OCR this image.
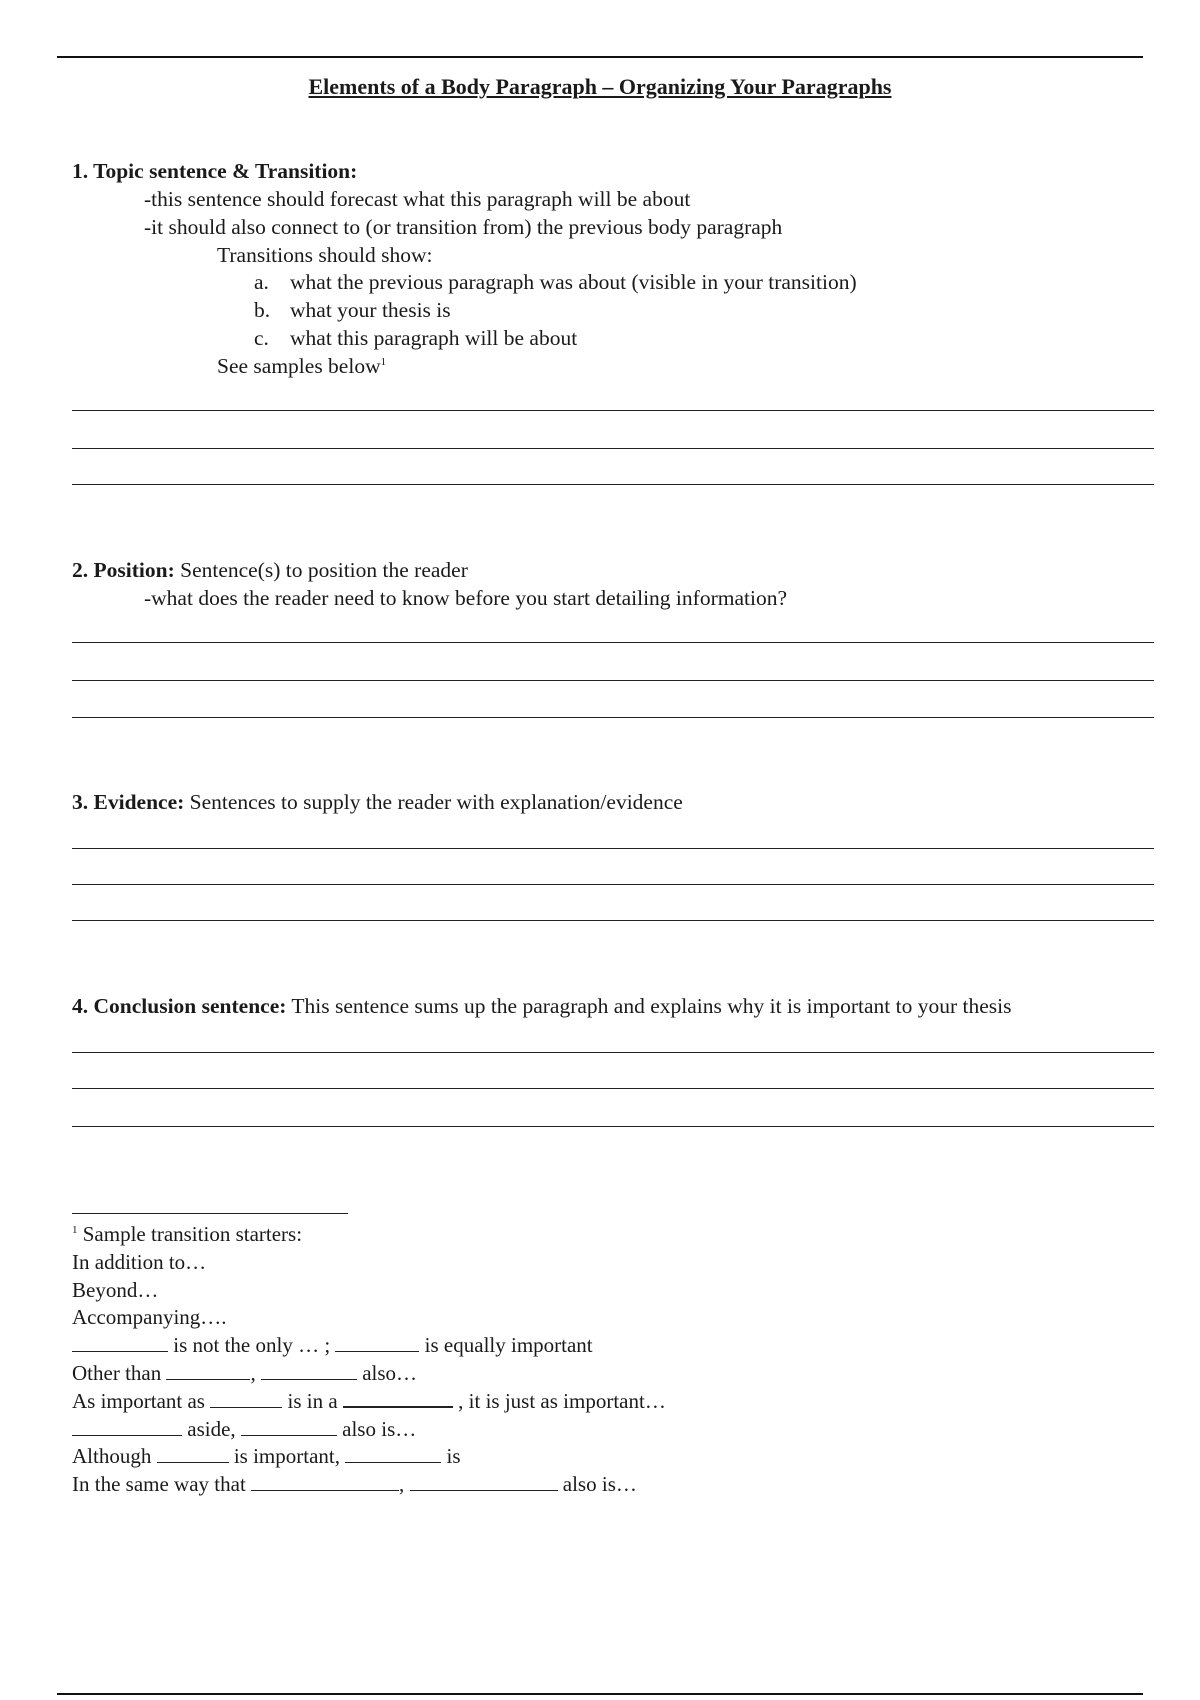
Elements of a Body Paragraph – Organizing Your Paragraphs
1. Topic sentence & Transition:
-this sentence should forecast what this paragraph will be about
-it should also connect to (or transition from) the previous body paragraph
Transitions should show:
a. what the previous paragraph was about (visible in your transition)
b. what your thesis is
c. what this paragraph will be about
See samples below$^1$
2. Position: Sentence(s) to position the reader
-what does the reader need to know before you start detailing information?
3. Evidence: Sentences to supply the reader with explanation/evidence
4. Conclusion sentence: This sentence sums up the paragraph and explains why it is important to your thesis
$^1$ Sample transition starters:
In addition to…
Beyond…
Accompanying….
is not the only … ;	is equally important
Other than	,	also…
As important as	is in a	, it is just as important…
aside,	also is…
Although	is important,	is
In the same way that	,	also is…
